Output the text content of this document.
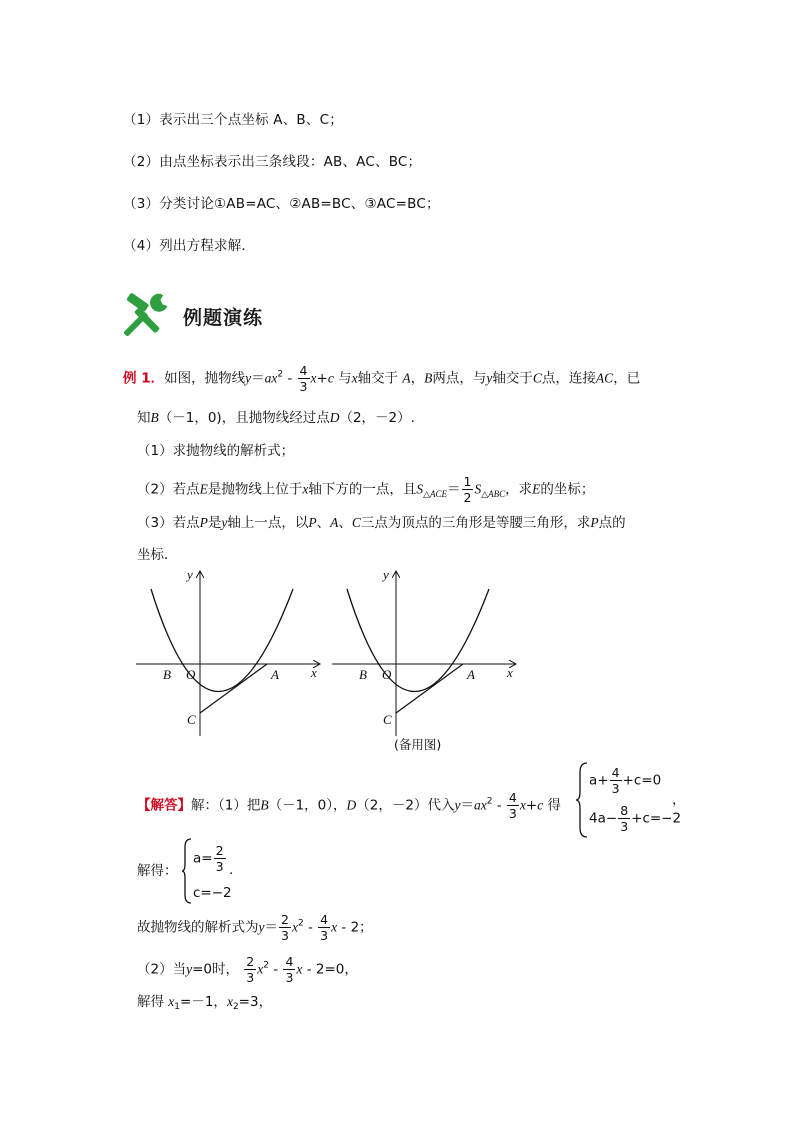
（1）表示出三个点坐标 A、B、C；
（2）由点坐标表示出三条线段：AB、AC、BC；
（3）分类讨论①AB=AC、②AB=BC、③AC=BC；
（4）列出方程求解．
例题演练
例 1．如图，抛物线$y=ax^2 - \frac{4}{3} x+c$ 与x轴交于 A，B两点，与y轴交于C点，连接AC，已
知B（－1，0)，且抛物线经过点D（2，－2）.
（1）求抛物线的解析式；
（2）若点E是抛物线上位于x轴下方的一点，且$S_{\triangle ACE}= \frac{1}{2} S_{\triangle ABC}$，求E的坐标；
（3）若点P是y轴上一点，以P、A、C三点为顶点的三角形是等腰三角形，求P点的
坐标．
y
x
B O	A
C
y
x
B O	A
C
(备用图)
【解答】解：（1）把B（－1，0），D（2，－2）代入$y=ax^2 - \frac{4}{3} x+c$ 得
$a+ \frac{4}{3} +c=0$
$4a- \frac{8}{3} +c=-2$
，
解得：
$a= \frac{2}{3}$
c=−2
.
故抛物线的解析式为$y= \frac{2}{3} x^2 - \frac{4}{3}$ x - 2；
（2）当y=0时， $\frac{2}{3} x^2 - \frac{4}{3}$ x - 2=0，
解得 $x_1=-1$，$x_2=3$，
